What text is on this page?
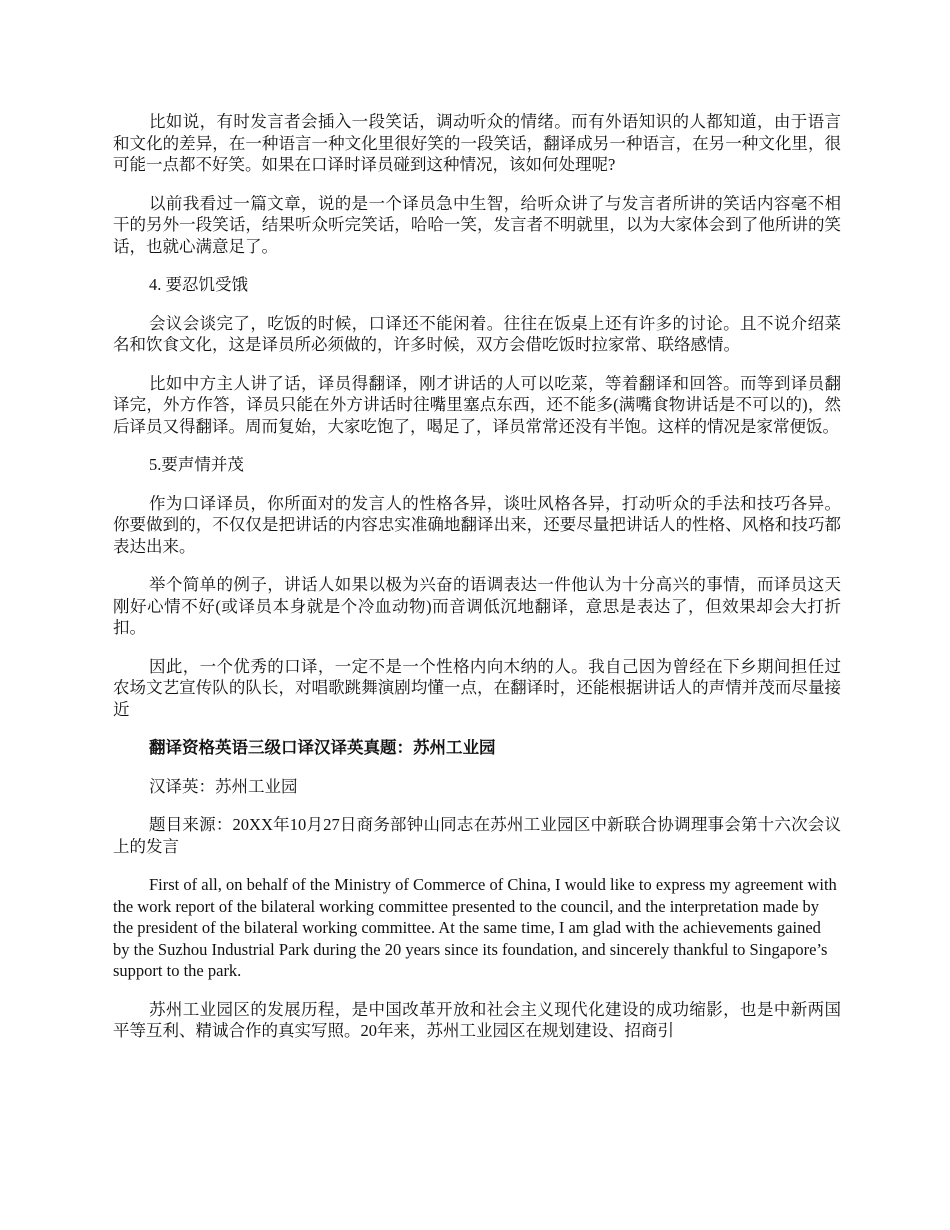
比如说，有时发言者会插入一段笑话，调动听众的情绪。而有外语知识的人都知道，由于语言和文化的差异，在一种语言一种文化里很好笑的一段笑话，翻译成另一种语言，在另一种文化里，很可能一点都不好笑。如果在口译时译员碰到这种情况，该如何处理呢?

以前我看过一篇文章，说的是一个译员急中生智，给听众讲了与发言者所讲的笑话内容毫不相干的另外一段笑话，结果听众听完笑话，哈哈一笑，发言者不明就里，以为大家体会到了他所讲的笑话，也就心满意足了。

4. 要忍饥受饿

会议会谈完了，吃饭的时候，口译还不能闲着。往往在饭桌上还有许多的讨论。且不说介绍菜名和饮食文化，这是译员所必须做的，许多时候，双方会借吃饭时拉家常、联络感情。

比如中方主人讲了话，译员得翻译，刚才讲话的人可以吃菜，等着翻译和回答。而等到译员翻译完，外方作答，译员只能在外方讲话时往嘴里塞点东西，还不能多(满嘴食物讲话是不可以的)，然后译员又得翻译。周而复始，大家吃饱了，喝足了，译员常常还没有半饱。这样的情况是家常便饭。

5.要声情并茂

作为口译译员，你所面对的发言人的性格各异，谈吐风格各异，打动听众的手法和技巧各异。你要做到的，不仅仅是把讲话的内容忠实准确地翻译出来，还要尽量把讲话人的性格、风格和技巧都表达出来。

举个简单的例子，讲话人如果以极为兴奋的语调表达一件他认为十分高兴的事情，而译员这天刚好心情不好(或译员本身就是个冷血动物)而音调低沉地翻译，意思是表达了，但效果却会大打折扣。

因此，一个优秀的口译，一定不是一个性格内向木纳的人。我自己因为曾经在下乡期间担任过农场文艺宣传队的队长，对唱歌跳舞演剧均懂一点，在翻译时，还能根据讲话人的声情并茂而尽量接近

翻译资格英语三级口译汉译英真题：苏州工业园

汉译英：苏州工业园

题目来源：20XX年10月27日商务部钟山同志在苏州工业园区中新联合协调理事会第十六次会议上的发言

First of all, on behalf of the Ministry of Commerce of China, I would like to express my agreement with the work report of the bilateral working committee presented to the council, and the interpretation made by the president of the bilateral working committee. At the same time, I am glad with the achievements gained by the Suzhou Industrial Park during the 20 years since its foundation, and sincerely thankful to Singapore’s support to the park.

苏州工业园区的发展历程，是中国改革开放和社会主义现代化建设的成功缩影，也是中新两国平等互利、精诚合作的真实写照。20年来，苏州工业园区在规划建设、招商引
